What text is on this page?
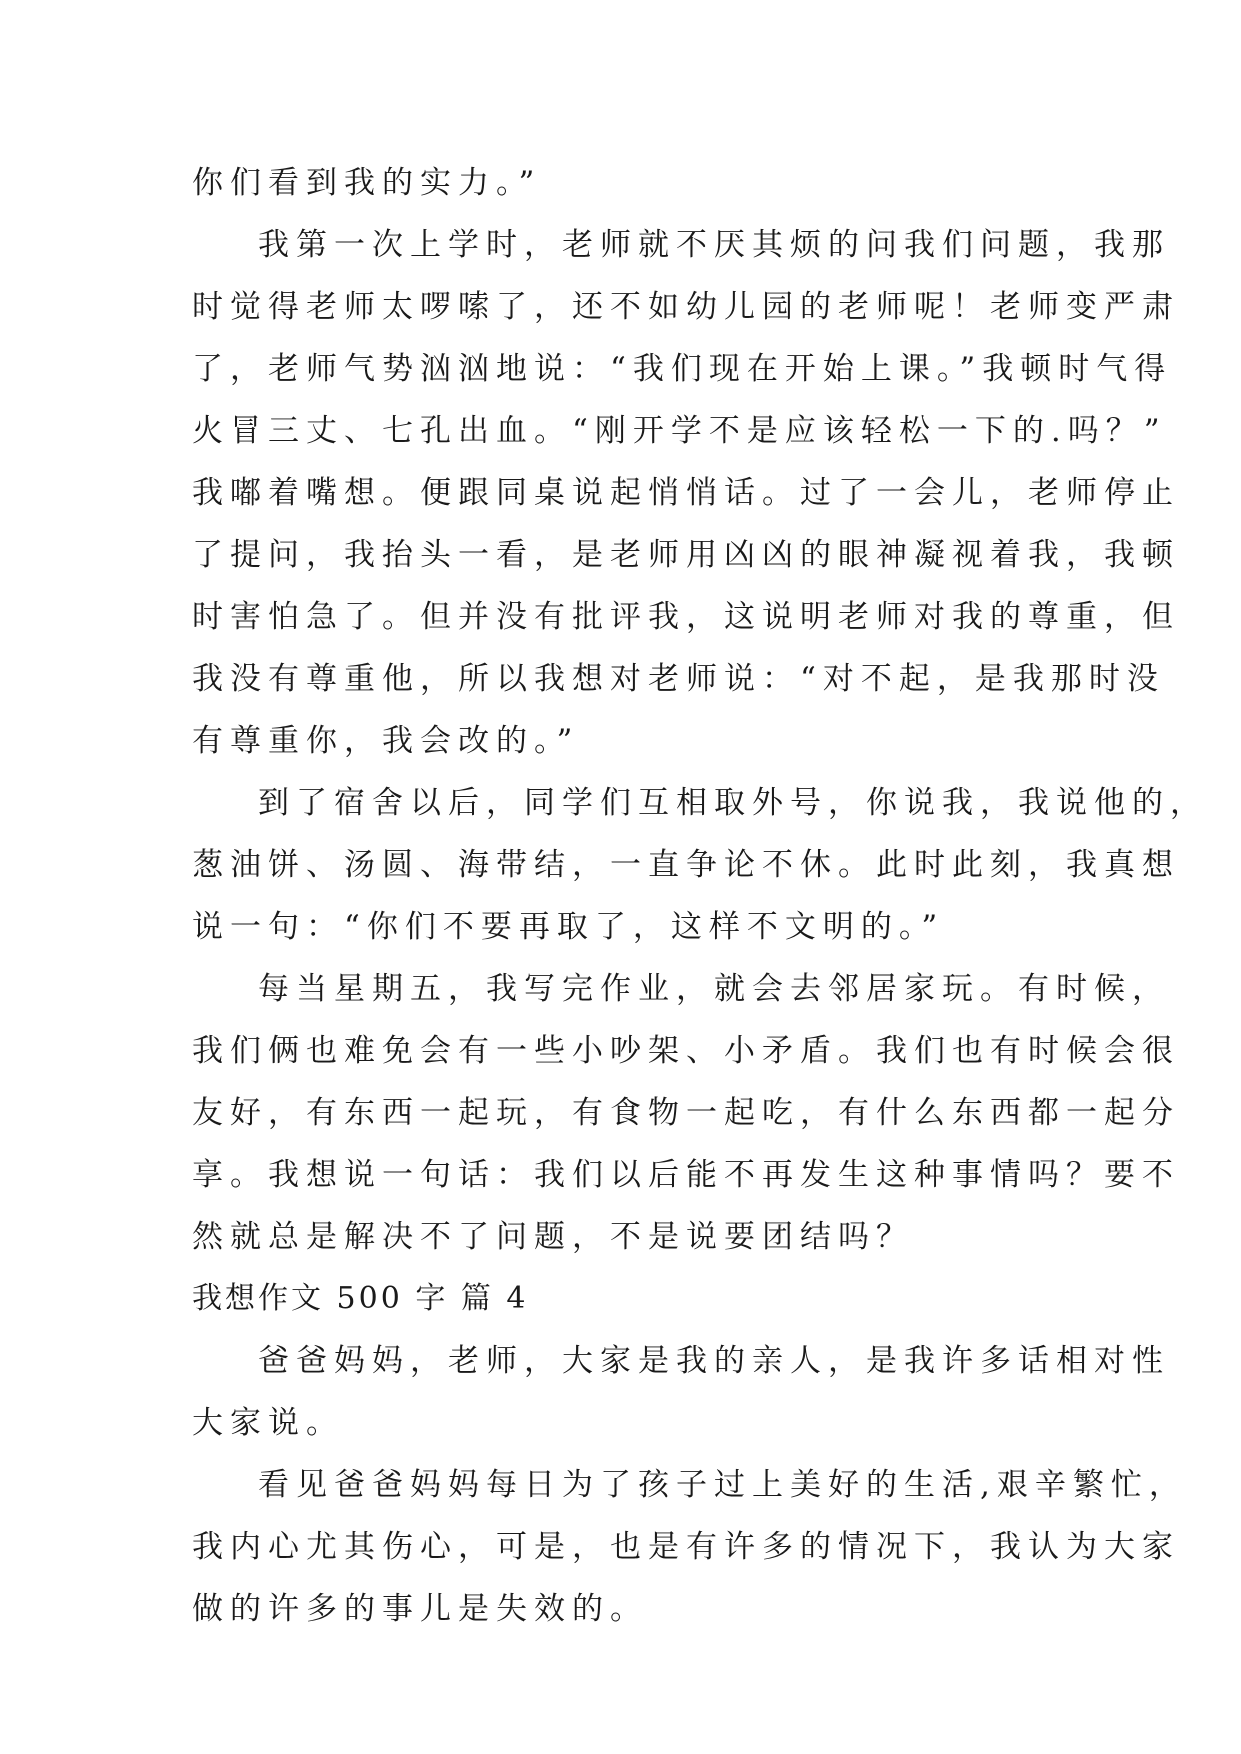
你们看到我的实力。”
我第一次上学时，老师就不厌其烦的问我们问题，我那
时觉得老师太啰嗦了，还不如幼儿园的老师呢！老师变严肃
了，老师气势汹汹地说：“我们现在开始上课。”我顿时气得
火冒三丈、七孔出血。“刚开学不是应该轻松一下的.吗？”
我嘟着嘴想。便跟同桌说起悄悄话。过了一会儿，老师停止
了提问，我抬头一看，是老师用凶凶的眼神凝视着我，我顿
时害怕急了。但并没有批评我，这说明老师对我的尊重，但
我没有尊重他，所以我想对老师说：“对不起，是我那时没
有尊重你，我会改的。”
到了宿舍以后，同学们互相取外号，你说我，我说他的，
葱油饼、汤圆、海带结，一直争论不休。此时此刻，我真想
说一句：“你们不要再取了，这样不文明的。”
每当星期五，我写完作业，就会去邻居家玩。有时候，
我们俩也难免会有一些小吵架、小矛盾。我们也有时候会很
友好，有东西一起玩，有食物一起吃，有什么东西都一起分
享。我想说一句话：我们以后能不再发生这种事情吗？要不
然就总是解决不了问题，不是说要团结吗？
我想作文 500 字 篇 4
爸爸妈妈，老师，大家是我的亲人，是我许多话相对性
大家说。
看见爸爸妈妈每日为了孩子过上美好的生活,艰辛繁忙，
我内心尤其伤心，可是，也是有许多的情况下，我认为大家
做的许多的事儿是失效的。
